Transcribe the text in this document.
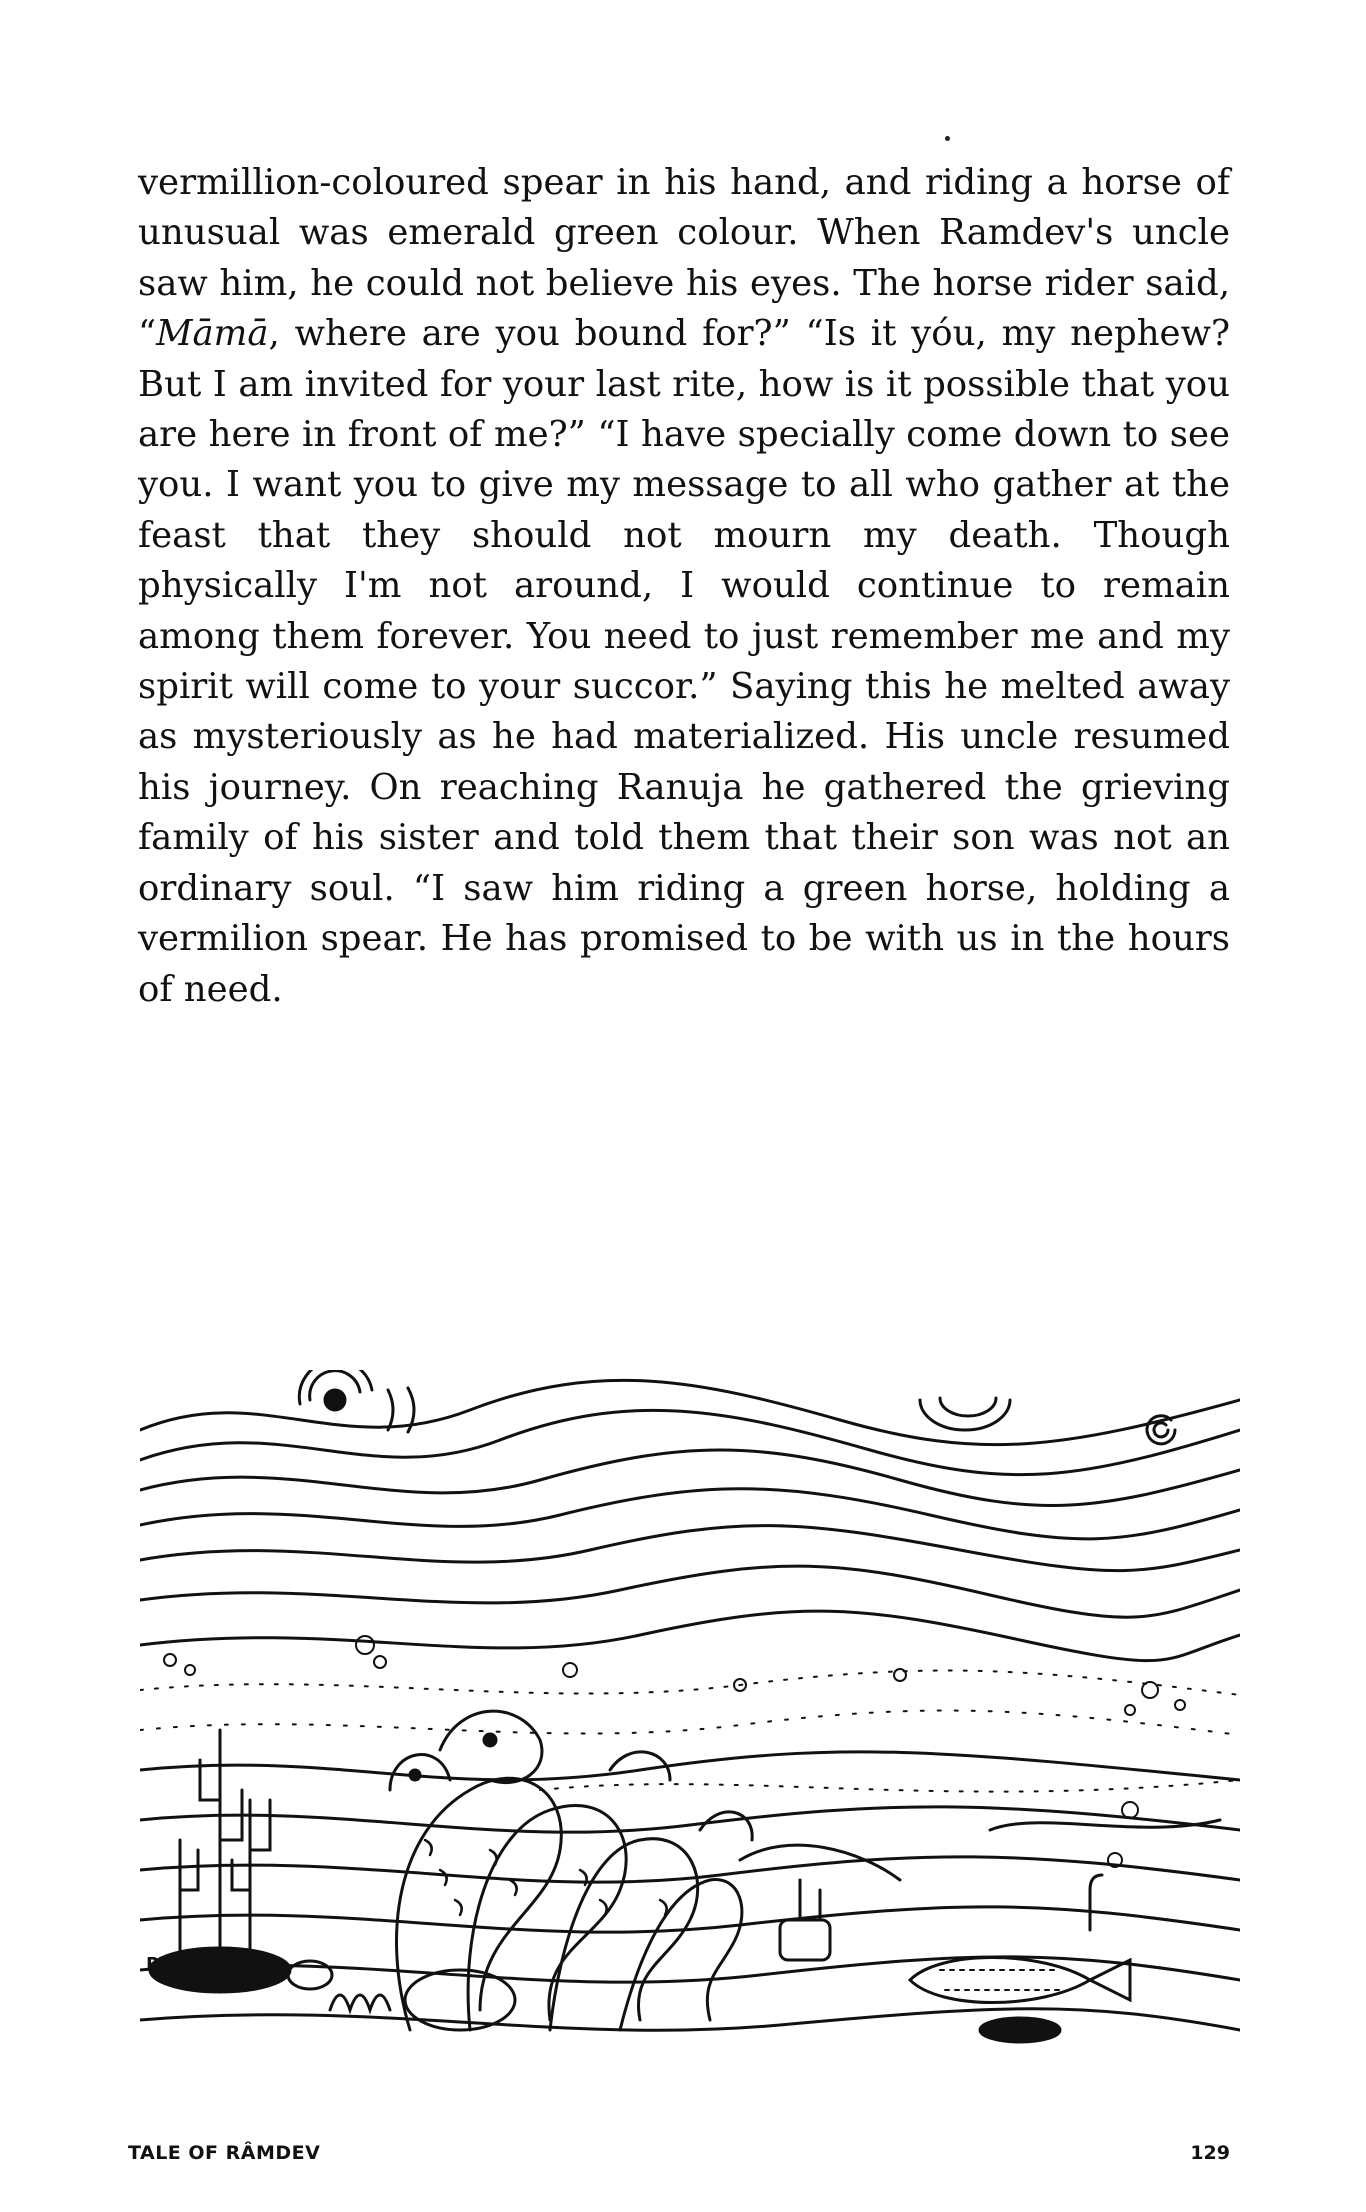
vermillion-coloured spear in his hand, and riding a horse of unusual was emerald green colour. When Ramdev's uncle saw him, he could not believe his eyes. The horse rider said, “Māmā, where are you bound for?” “Is it yóu, my nephew? But I am invited for your last rite, how is it possible that you are here in front of me?” “I have specially come down to see you. I want you to give my message to all who gather at the feast that they should not mourn my death. Though physically I'm not around, I would continue to remain among them forever. You need to just remember me and my spirit will come to your succor.” Saying this he melted away as mysteriously as he had materialized. His uncle resumed his journey. On reaching Ranuja he gathered the grieving family of his sister and told them that their son was not an ordinary soul. “I saw him riding a green horse, holding a vermilion spear. He has promised to be with us in the hours of need.

RCHITA
TALE OF RÂMDEV	129
